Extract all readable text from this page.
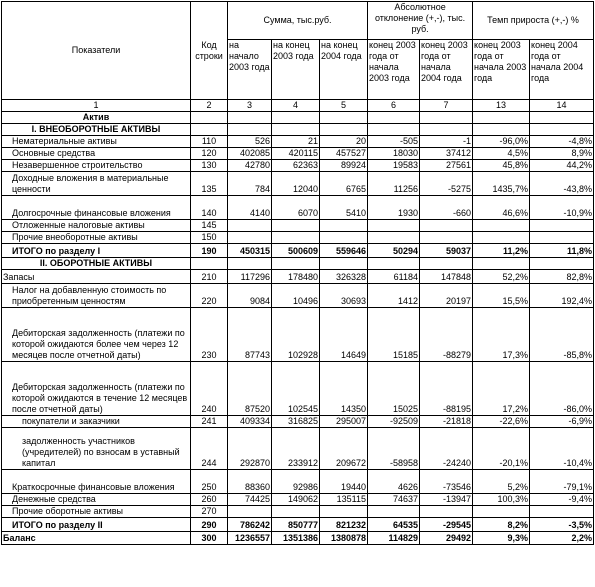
Показатели	Код строки	Сумма, тыс.руб.			Абсолютное отклонение (+,-), тыс. руб.		Темп прироста (+,-) %	
		на начало 2003 года	на конец 2003 года	на конец 2004 года	конец 2003 года от начала 2003 года	конец 2003 года от начала 2004 года	конец 2003 года от начала 2003 года	конец 2004 года от начала 2004 года
1	2	3	4	5	6	7	13	14
Актив								
I. ВНЕОБОРОТНЫЕ АКТИВЫ								
Нематериальные активы	110	526	21	20	-505	-1	-96,0%	-4,8%
Основные средства	120	402085	420115	457527	18030	37412	4,5%	8,9%
Незавершенное строительство	130	42780	62363	89924	19583	27561	45,8%	44,2%
Доходные вложения в материальные ценности	135	784	12040	6765	11256	-5275	1435,7%	-43,8%
Долгосрочные финансовые вложения	140	4140	6070	5410	1930	-660	46,6%	-10,9%
Отложенные налоговые активы	145							
Прочие внеоборотные активы	150							
ИТОГО по разделу I	190	450315	500609	559646	50294	59037	11,2%	11,8%
II. ОБОРОТНЫЕ АКТИВЫ								
Запасы	210	117296	178480	326328	61184	147848	52,2%	82,8%
Налог на добавленную стоимость по приобретенным ценностям	220	9084	10496	30693	1412	20197	15,5%	192,4%
Дебиторская задолженность (платежи по которой ожидаются более чем через 12 месяцев после отчетной даты)	230	87743	102928	14649	15185	-88279	17,3%	-85,8%
Дебиторская задолженность (платежи по которой ожидаются в течение 12 месяцев после отчетной даты)	240	87520	102545	14350	15025	-88195	17,2%	-86,0%
покупатели и заказчики	241	409334	316825	295007	-92509	-21818	-22,6%	-6,9%
задолженность участников (учредителей) по взносам в уставный капитал	244	292870	233912	209672	-58958	-24240	-20,1%	-10,4%
Краткосрочные финансовые вложения	250	88360	92986	19440	4626	-73546	5,2%	-79,1%
Денежные средства	260	74425	149062	135115	74637	-13947	100,3%	-9,4%
Прочие оборотные активы	270							
ИТОГО по разделу II	290	786242	850777	821232	64535	-29545	8,2%	-3,5%
Баланс	300	1236557	1351386	1380878	114829	29492	9,3%	2,2%
